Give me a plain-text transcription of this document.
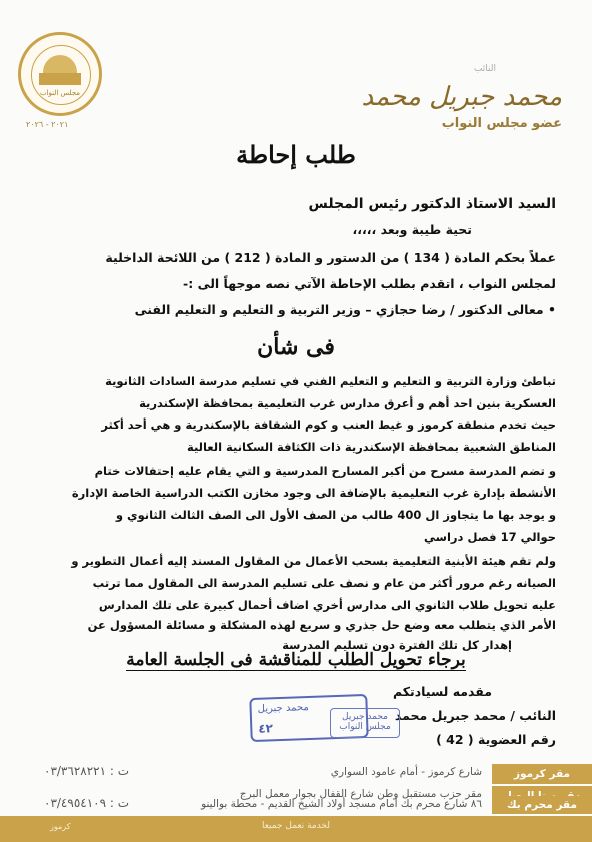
مجلس النواب
٢٠٢١ - ٢٠٢٦
النائب
محمد جبريل محمد
عضو مجلس النواب
طلب إحاطة
السيد الاستاذ الدكتور رئيس المجلس
تحية طيبة وبعد ،،،،،
عملاً بحكم المادة ( 134 ) من الدستور و المادة ( 212 ) من اللائحة الداخلية
لمجلس النواب ، اتقدم بطلب الإحاطة الآتي نصه موجهاً الى :-
• معالى الدكتور / رضا حجازي – وزير التربية و التعليم و التعليم الفنى
فى شأن
تباطئ وزارة التربية و التعليم و التعليم الفني في تسليم مدرسة السادات الثانوية
العسكرية بنين احد أهم و أعرق مدارس غرب التعليمية بمحافظة الإسكندرية
حيث تخدم منطقة كرموز و غيط العنب و كوم الشقافة بالإسكندرية و هي أحد أكثر
المناطق الشعبية بمحافظة الإسكندرية ذات الكثافة السكانية العالية
و تضم المدرسة مسرح من أكبر المسارح المدرسية و التي يقام عليه إحتفالات ختام
الأنشطة بإدارة غرب التعليمية بالإضافة الى وجود مخازن الكتب الدراسية الخاصة الإدارة
و يوجد بها ما يتجاوز ال 400 طالب من الصف الأول الى الصف الثالث الثانوي و
حوالي 17 فصل دراسي
ولم تقم هيئة الأبنية التعليمية بسحب الأعمال من المقاول المسند إليه أعمال التطوير و
الصيانه رغم مرور أكثر من عام و نصف على تسليم المدرسة الى المقاول مما ترتب
عليه تحويل طلاب الثانوي الى مدارس أخري اضاف أحمال كبيرة على تلك المدارس
الأمر الذي يتطلب معه وضع حل جذري و سريع لهذه المشكلة و مسائلة المسؤول عن
إهدار كل تلك الفترة دون تسليم المدرسة
برجاء تحويل الطلب للمناقشة فى الجلسة العامة
مقدمه لسيادتكم
النائب / محمد جبريل محمد
رقم العضوية ( 42 )
محمد جبريل
٤٢
محمد جبريل
مجلس النواب
مقر كرموز
شارع كرموز - أمام عامود السواري
ت : ٠٣/٣٦٢٨٢٢١
مقر حزب مستقبل وطن شارع القفال بجوار معمل البرج
لخدمة نعمل جميعا
كرموز
مقر محرم بك
٨٦ شارع محرم بك أمام مسجد أولاد الشيخ القديم - محطة بوالينو
ت : ٠٣/٤٩٥٤١٠٩
